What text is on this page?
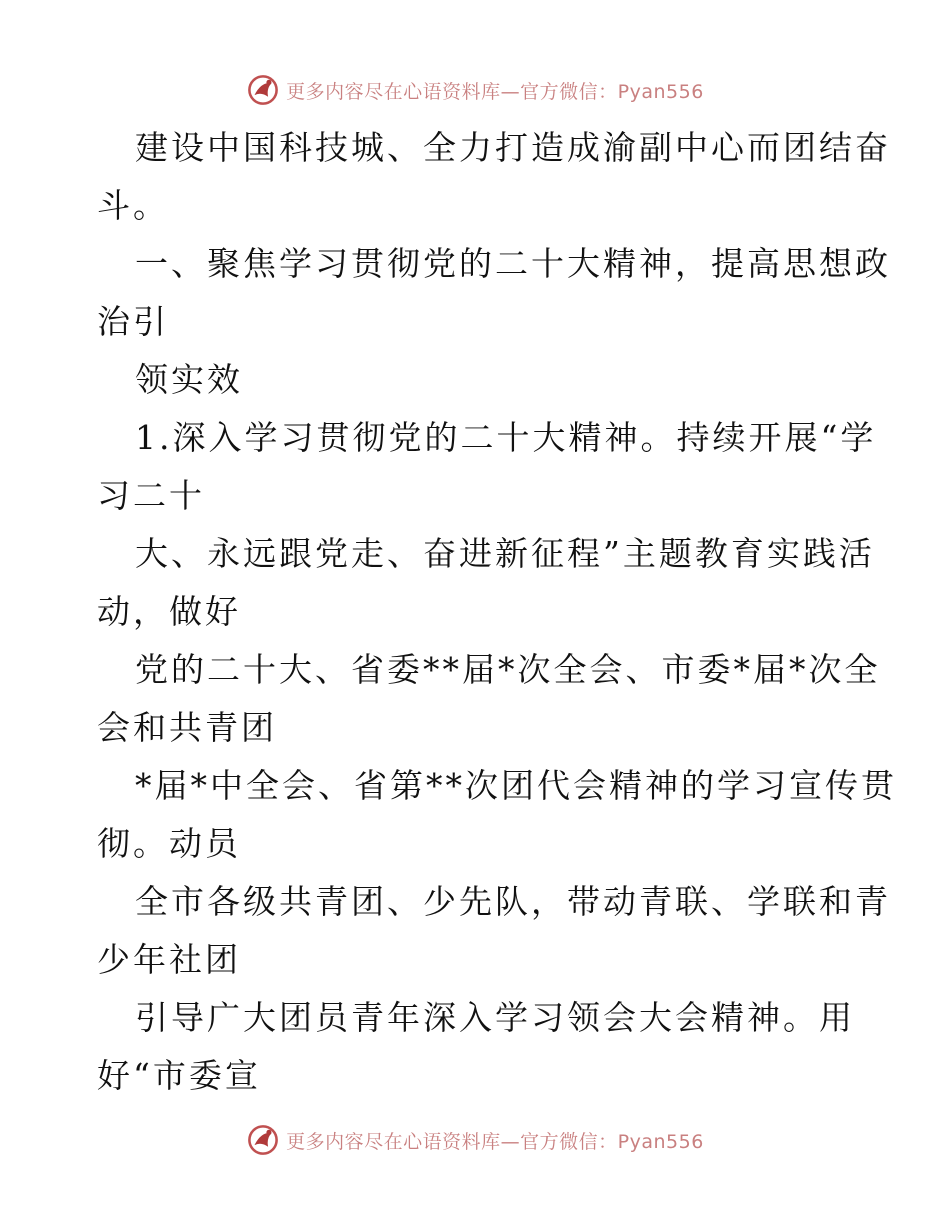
更多内容尽在心语资料库—官方微信：Pyan556

建设中国科技城、全力打造成渝副中心而团结奋
斗。

一、聚焦学习贯彻党的二十大精神，提高思想政
治引

领实效

1.深入学习贯彻党的二十大精神。持续开展“学
习二十

大、永远跟党走、奋进新征程”主题教育实践活
动，做好

党的二十大、省委**届*次全会、市委*届*次全
会和共青团

*届*中全会、省第**次团代会精神的学习宣传贯
彻。动员

全市各级共青团、少先队，带动青联、学联和青
少年社团

引导广大团员青年深入学习领会大会精神。用
好“市委宣

更多内容尽在心语资料库—官方微信：Pyan556
